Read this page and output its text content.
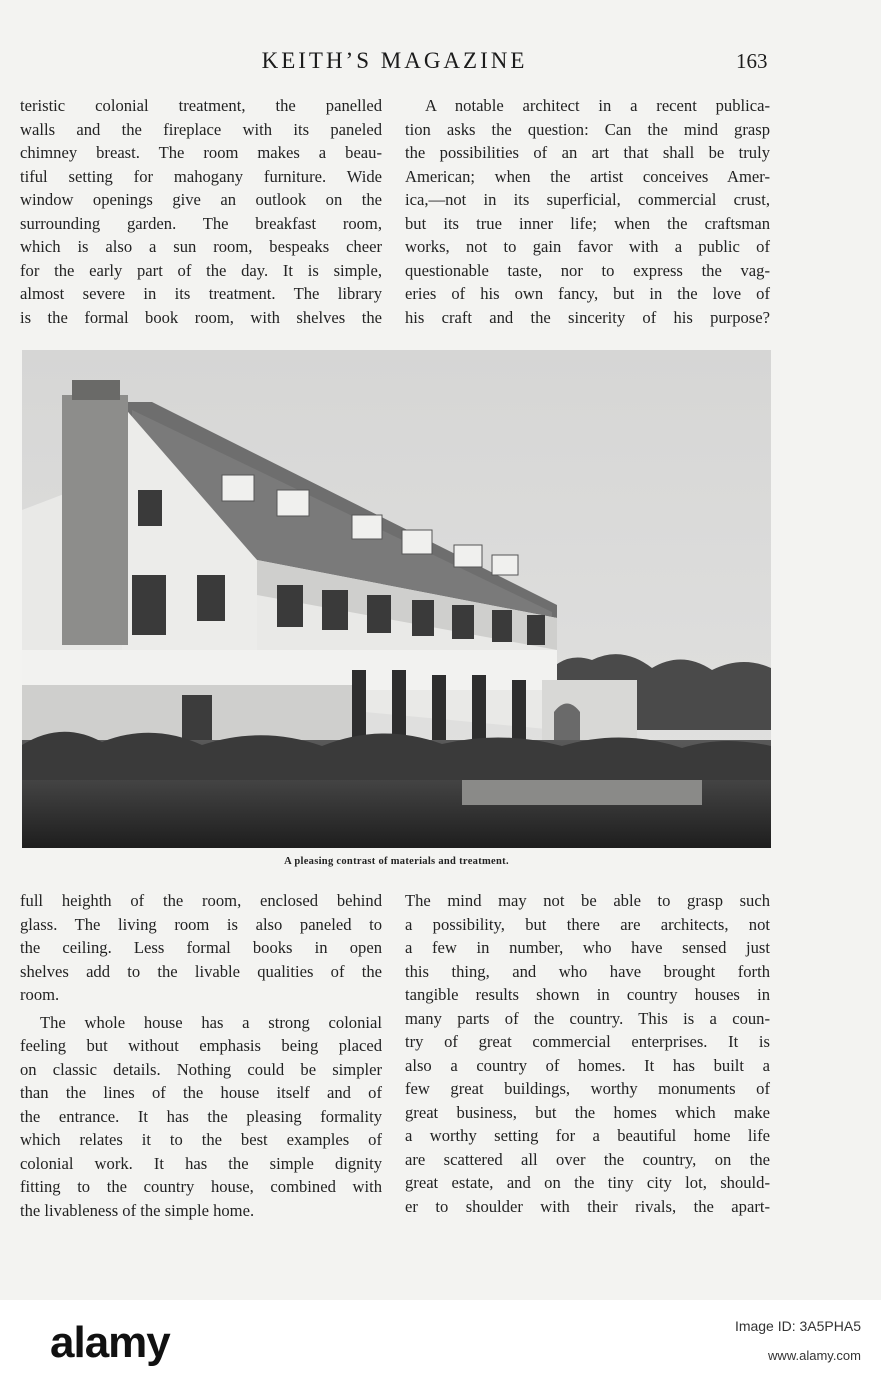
KEITH’S MAGAZINE	163
teristic colonial treatment, the panelled
walls and the fireplace with its paneled
chimney breast. The room makes a beau-
tiful setting for mahogany furniture. Wide
window openings give an outlook on the
surrounding garden. The breakfast room,
which is also a sun room, bespeaks cheer
for the early part of the day. It is simple,
almost severe in its treatment. The library
is the formal book room, with shelves the
A notable architect in a recent publica-
tion asks the question: Can the mind grasp
the possibilities of an art that shall be truly
American; when the artist conceives Amer-
ica,—not in its superficial, commercial crust,
but its true inner life; when the craftsman
works, not to gain favor with a public of
questionable taste, nor to express the vag-
eries of his own fancy, but in the love of
his craft and the sincerity of his purpose?
A pleasing contrast of materials and treatment.
full heighth of the room, enclosed behind
glass. The living room is also paneled to
the ceiling. Less formal books in open
shelves add to the livable qualities of the
room.
The whole house has a strong colonial
feeling but without emphasis being placed
on classic details. Nothing could be simpler
than the lines of the house itself and of
the entrance. It has the pleasing formality
which relates it to the best examples of
colonial work. It has the simple dignity
fitting to the country house, combined with
the livableness of the simple home.
The mind may not be able to grasp such
a possibility, but there are architects, not
a few in number, who have sensed just
this thing, and who have brought forth
tangible results shown in country houses in
many parts of the country. This is a coun-
try of great commercial enterprises. It is
also a country of homes. It has built a
few great buildings, worthy monuments of
great business, but the homes which make
a worthy setting for a beautiful home life
are scattered all over the country, on the
great estate, and on the tiny city lot, should-
er to shoulder with their rivals, the apart-
alamy	Image ID: 3A5PHA5
www.alamy.com
